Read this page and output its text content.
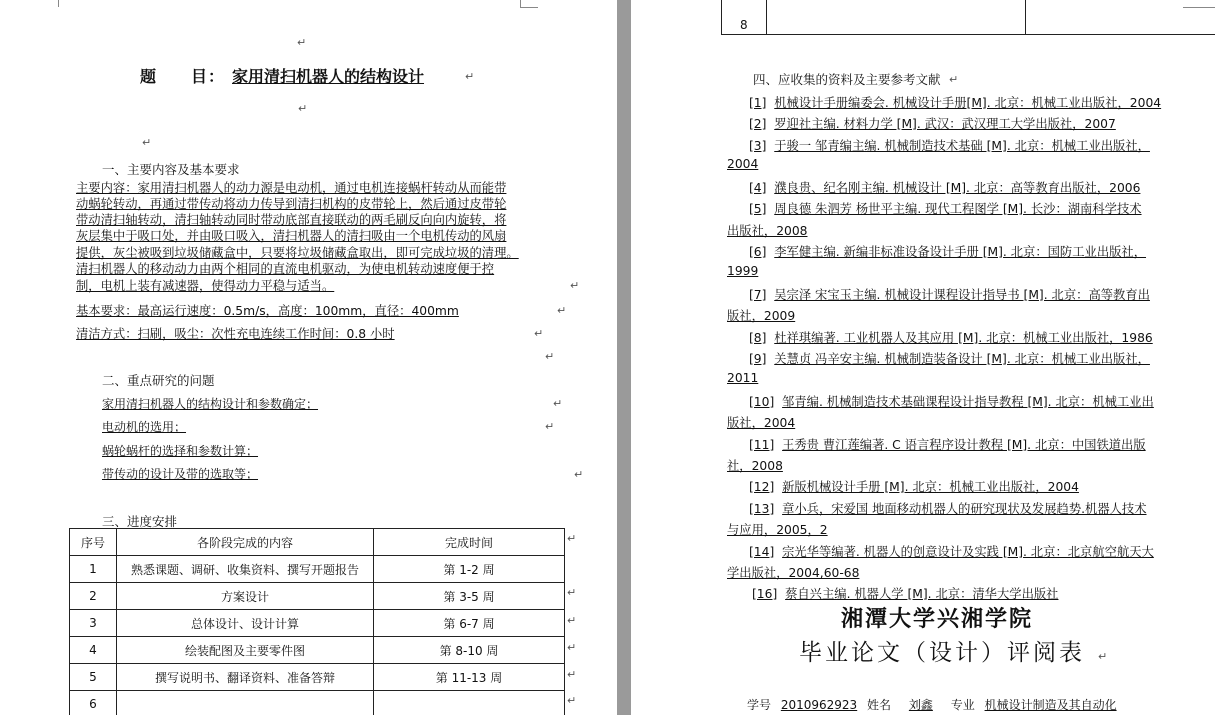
↵
题　　目： 家用清扫机器人的结构设计	↵
↵
↵
一、主要内容及基本要求
主要内容：家用清扫机器人的动力源是电动机，通过电机连接蜗杆转动从而能带
动蜗轮转动，再通过带传动将动力传导到清扫机构的皮带轮上，然后通过皮带轮
带动清扫轴转动，清扫轴转动同时带动底部直接联动的两毛刷反向向内旋转，将
灰层集中于吸口处，并由吸口吸入，清扫机器人的清扫吸由一个电机传动的风扇
提供，灰尘被吸到垃圾储藏盒中，只要将垃圾储藏盒取出，即可完成垃圾的清理。
清扫机器人的移动动力由两个相同的直流电机驱动，为使电机转动速度便于控
制，电机上装有减速器，使得动力平稳与适当。	↵
基本要求：最高运行速度：0.5m/s，高度：100mm，直径：400mm	↵
清洁方式：扫刷，吸尘：次性充电连续工作时间：0.8 小时	↵
↵
二、重点研究的问题
家用清扫机器人的结构设计和参数确定；	↵
电动机的选用；	↵
蜗轮蜗杆的选择和参数计算；
带传动的设计及带的选取等；	↵
三、进度安排
序号	各阶段完成的内容	完成时间
1	熟悉课题、调研、收集资料、撰写开题报告	第 1-2 周
2	方案设计	第 3-5 周
3	总体设计、设计计算	第 6-7 周
4	绘装配图及主要零件图	第 8-10 周
5	撰写说明书、翻译资料、准备答辩	第 11-13 周
6		
↵
↵
↵
↵
↵
↵
8
四、应收集的资料及主要参考文献 ↵
[1] 机械设计手册编委会. 机械设计手册[M]. 北京：机械工业出版社，2004
[2] 罗迎社主编. 材料力学 [M]. 武汉：武汉理工大学出版社，2007
[3] 于骏一 邹青编主编. 机械制造技术基础 [M]. 北京：机械工业出版社，
2004
[4] 濮良贵、纪名刚主编. 机械设计 [M]. 北京：高等教育出版社，2006
[5] 周良德 朱泗芳 杨世平主编. 现代工程图学 [M]. 长沙：湖南科学技术
出版社，2008
[6] 李军健主编. 新编非标准设备设计手册 [M]. 北京：国防工业出版社，
1999
[7] 吴宗泽 宋宝玉主编. 机械设计课程设计指导书 [M]. 北京：高等教育出
版社，2009
[8] 杜祥琪编著. 工业机器人及其应用 [M]. 北京：机械工业出版社，1986
[9] 关慧贞 冯辛安主编. 机械制造装备设计 [M]. 北京：机械工业出版社，
2011
[10] 邹青编. 机械制造技术基础课程设计指导教程 [M]. 北京：机械工业出
版社，2004
[11] 王秀贵 曹江莲编著. C 语言程序设计教程 [M]. 北京：中国铁道出版
社，2008
[12] 新版机械设计手册 [M]. 北京：机械工业出版社，2004
[13] 章小兵，宋爱国 地面移动机器人的研究现状及发展趋势.机器人技术
与应用，2005，2
[14] 宗光华等编著. 机器人的创意设计及实践 [M]. 北京：北京航空航天大
学出版社，2004,60-68
[16] 蔡自兴主编. 机器人学 [M]. 北京：清华大学出版社
湘潭大学兴湘学院
毕业论文（设计）评阅表 ↵
学号 2010962923 姓名 刘鑫 专业 机械设计制造及其自动化
